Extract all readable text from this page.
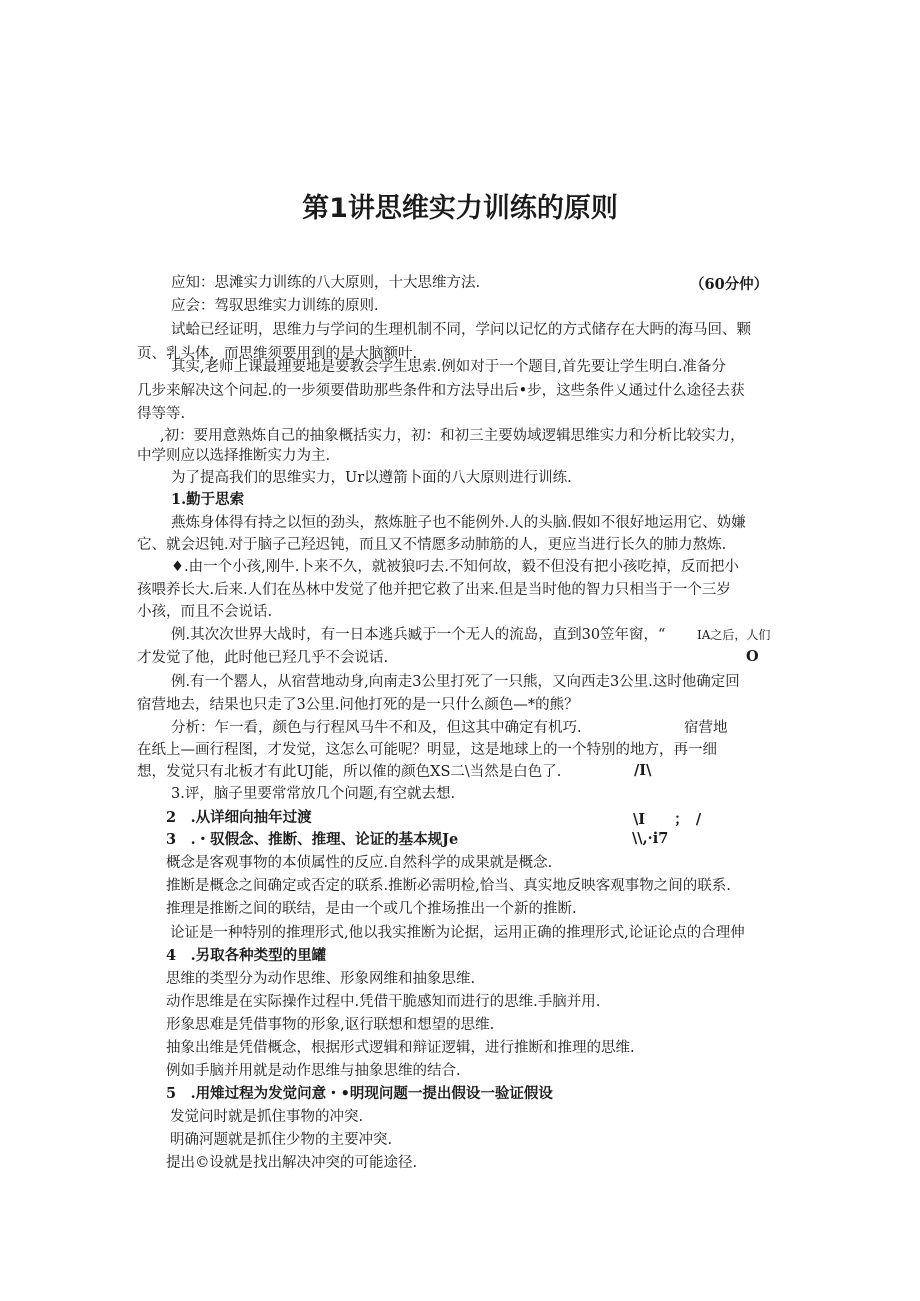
第1讲思维实力训练的原则
应知：思滩实力训练的八大原则，十大思维方法.	（60分仲）
应会：驾驭思维实力训练的原则.
试蛤已经证明，思维力与学问的生理机制不同，学问以记忆的方式储存在大眄的海马回、颗
页、乳头体，而思维须要用到的是大脑额叶.
其实,老师上课最理要地是要教会学生思索.例如对于一个题目,首先要让学生明白.准备分
几步来解决这个问起.的一步须要借助那些条件和方法导出后•步，这些条件乂通过什么途径去获
得等等.
,初：要用意熟炼自己的抽象概括实力，初：和初三主要妫域逻辑思维实力和分析比较实力，
中学则应以选择推断实力为主.
为了提高我们的思维实力，Ur以遵箭卜面的八大原则进行训练.
1.勤于思索
燕炼身体得有持之以恒的劲头，熬炼脏子也不能例外.人的头脑.假如不很好地运用它、妫嫌
它、就会迟钝.对于脑子己羟迟钝，而且又不情愿多动肺筋的人，更应当进行长久的肺力熬炼.
♦.由一个小孩,刚牛.卜来不久，就被狼叼去.不知何故，毅不但没有把小孩吃掉，反而把小
孩喂养长大.后来.人们在丛林中发觉了他并把它救了出来.但是当时他的智力只相当于一个三岁
小孩，而且不会说话.
例.其次次世界大战时，有一日本逃兵臧于一个无人的流岛，直到30笠年窗，“	IA之后，人们
才发觉了他，此时他已羟几乎不会说话.	O
例.有一个罂人，从宿营地动身,向南走3公里打死了一只熊，又向西走3公里.这时他确定回
宿营地去，结果也只走了3公里.问他打死的是一只什么颜色—*的熊？
分析：乍一看，颜色与行程风马牛不和及，但这其中确定有机巧.	宿营地
在纸上—画行程图，才发觉，这怎么可能呢？明显，这是地球上的一个特别的地方，再一细
想，发觉只有北板才有此UJ能，所以傕的颜色XS二\当然是白色了.	/I\
3.评，脑子里要常常放几个问题,有空就去想.
2　.从详细向抽年过渡	\I　　；　/
3　.・驭假念、推断、推理、论证的基本规Je	\\,·i7
概念是客观事物的本侦属性的反应.自然科学的成果就是概念.
推断是概念之间确定或否定的联系.推断必需明检,恰当、真实地反映客观事物之间的联系.
推理是推断之间的联结，是由一个或几个推场推出一个新的推断.
论证是一种特别的推理形式,他以我实推断为论据，运用正确的推理形式,论证论点的合理伸
4　.另取各种类型的里罐
思维的类型分为动作思维、形象网维和抽象思维.
动作思维是在实际操作过程中.凭借干脆感知而进行的思维.手脑并用.
形象思难是凭借事物的形象,讴行联想和想望的思维.
抽象出维是凭借概念，根据形式逻辑和辩证逻辑，进行推断和推理的思维.
例如手脑并用就是动作思维与抽象思维的结合.
5　.用雉过程为发觉问意・•明现问题一提出假设一验证假设
发觉问时就是抓住事物的冲突.
明确河题就是抓住少物的主要冲突.
提出©设就是找出解决冲突的可能途径.
